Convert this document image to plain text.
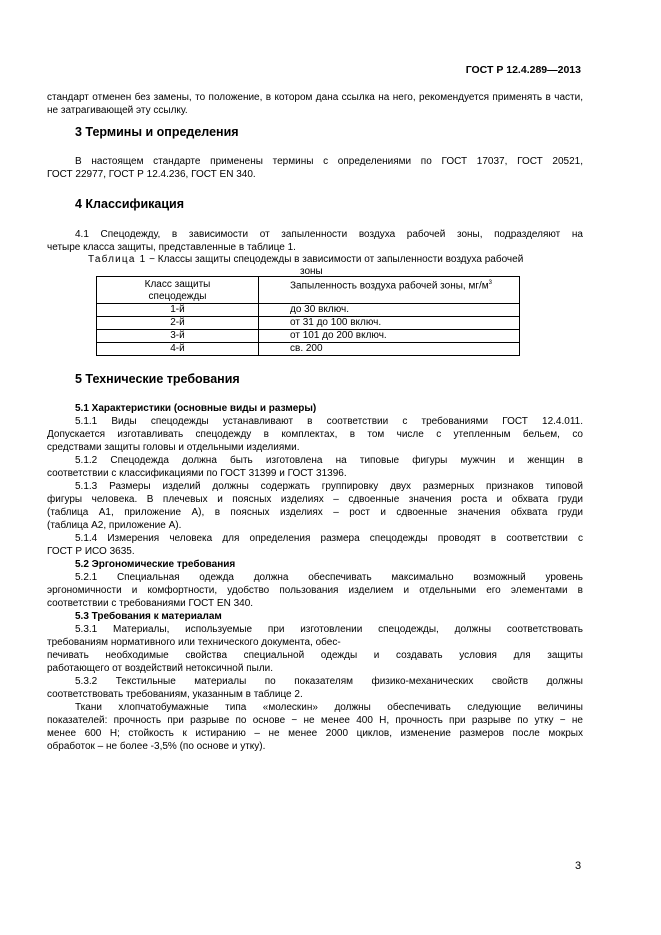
ГОСТ Р 12.4.289—2013
стандарт отменен без замены, то положение, в котором дана ссылка на него, рекомендуется применять в части,
не затрагивающей эту ссылку.
3 Термины и определения
В настоящем стандарте применены термины с определениями по ГОСТ 17037, ГОСТ 20521,
ГОСТ 22977, ГОСТ Р 12.4.236, ГОСТ EN 340.
4 Классификация
4.1 Спецодежду, в зависимости от запыленности воздуха рабочей зоны, подразделяют на
четыре класса защиты, представленные в таблице 1.
Таблица 1 − Классы защиты спецодежды в зависимости от запыленности воздуха рабочей
зоны
Класс защиты
спецодежды	Запыленность воздуха рабочей зоны, $мг/м^3$
1-й	до 30 включ.
2-й	от 31 до 100 включ.
3-й	от 101 до 200 включ.
4-й	св. 200
5 Технические требования
5.1 Характеристики (основные виды и размеры)
5.1.1 Виды спецодежды устанавливают в соответствии с требованиями ГОСТ 12.4.011.
Допускается изготавливать спецодежду в комплектах, в том числе с утепленным бельем, со
средствами защиты головы и отдельными изделиями.
5.1.2 Спецодежда должна быть изготовлена на типовые фигуры мужчин и женщин в
соответствии с классификациями по ГОСТ 31399 и ГОСТ 31396.
5.1.3 Размеры изделий должны содержать группировку двух размерных признаков типовой
фигуры человека. В плечевых и поясных изделиях – сдвоенные значения роста и обхвата груди
(таблица А1, приложение А), в поясных изделиях – рост и сдвоенные значения обхвата груди
(таблица А2, приложение А).
5.1.4 Измерения человека для определения размера спецодежды проводят в соответствии с
ГОСТ Р ИСО 3635.
5.2 Эргономические требования
5.2.1 Специальная одежда должна обеспечивать максимально возможный уровень
эргономичности и комфортности, удобство пользования изделием и отдельными его элементами в
соответствии с требованиями ГОСТ EN 340.
5.3 Требования к материалам
5.3.1 Материалы, используемые при изготовлении спецодежды, должны соответствовать
требованиям нормативного или технического документа, обес-
печивать необходимые свойства специальной одежды и создавать условия для защиты
работающего от воздействий нетоксичной пыли.
5.3.2 Текстильные материалы по показателям физико-механических свойств должны
соответствовать требованиям, указанным в таблице 2.
Ткани хлопчатобумажные типа «молескин» должны обеспечивать следующие величины
показателей: прочность при разрыве по основе − не менее 400 Н, прочность при разрыве по утку − не
менее 600 Н; стойкость к истиранию – не менее 2000 циклов, изменение размеров после мокрых
обработок – не более -3,5% (по основе и утку).
3
